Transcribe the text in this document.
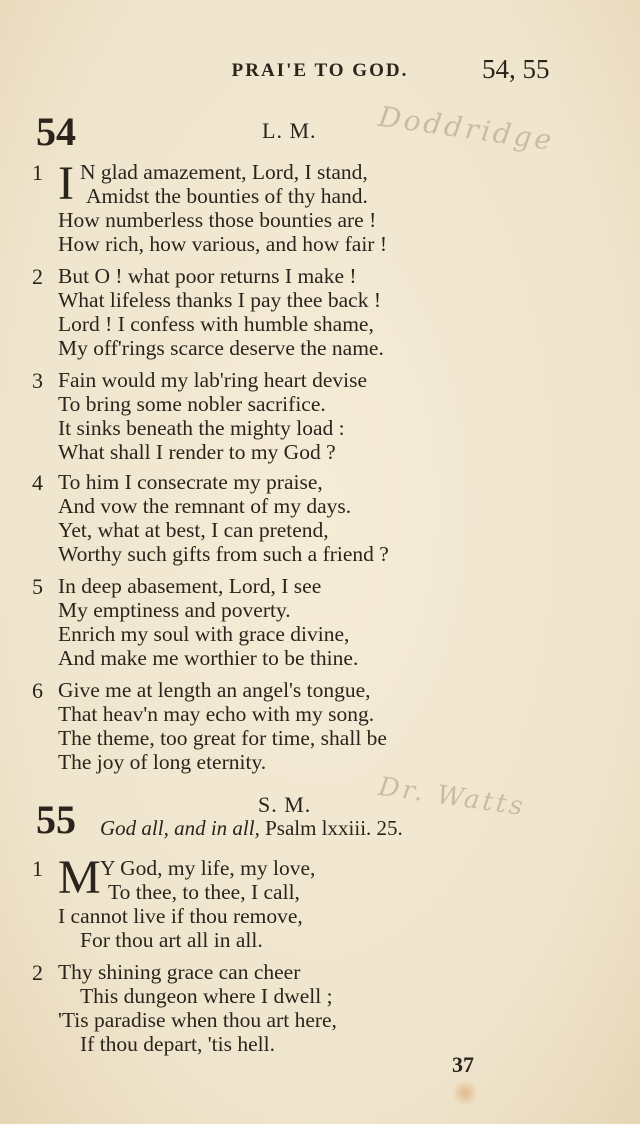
PRAI'E TO GOD.	54, 55
54	L. M. Doddridge
1 I N glad amazement, Lord, I stand,
Amidst the bounties of thy hand.
How numberless those bounties are !
How rich, how various, and how fair !
2 But O ! what poor returns I make !
What lifeless thanks I pay thee back !
Lord ! I confess with humble shame,
My off'rings scarce deserve the name.
3 Fain would my lab'ring heart devise
To bring some nobler sacrifice.
It sinks beneath the mighty load :
What shall I render to my God ?
4 To him I consecrate my praise,
And vow the remnant of my days.
Yet, what at best, I can pretend,
Worthy such gifts from such a friend ?
5 In deep abasement, Lord, I see
My emptiness and poverty.
Enrich my soul with grace divine,
And make me worthier to be thine.
6 Give me at length an angel's tongue,
That heav'n may echo with my song.
The theme, too great for time, shall be
The joy of long eternity.
55	S. M.	Dr. Watts
God all, and in all, Psalm lxxiii. 25.
1 M Y God, my life, my love,
To thee, to thee, I call,
I cannot live if thou remove,
For thou art all in all.
2 Thy shining grace can cheer
This dungeon where I dwell ;
'Tis paradise when thou art here,
If thou depart, 'tis hell.
37
